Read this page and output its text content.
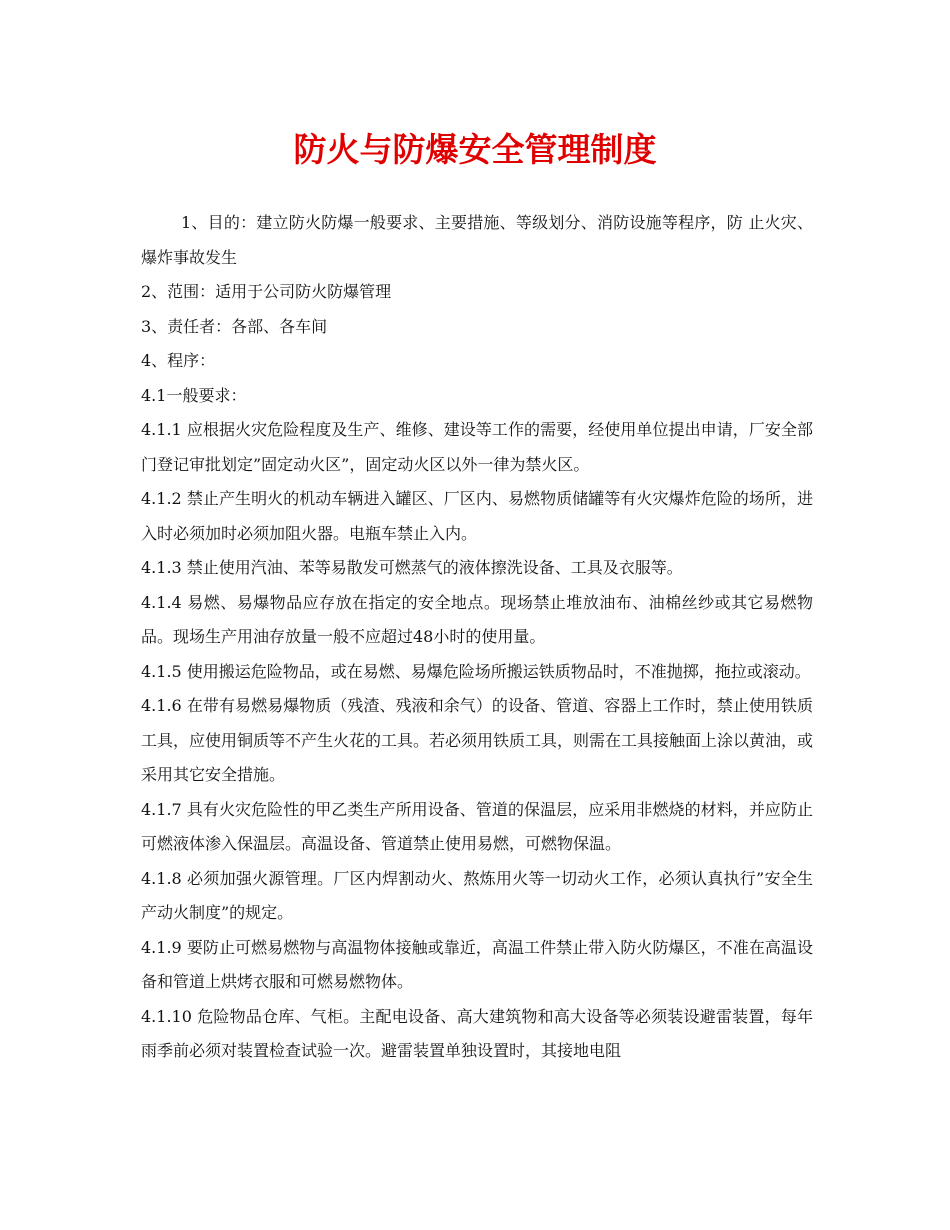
防火与防爆安全管理制度

1、目的：建立防火防爆一般要求、主要措施、等级划分、消防设施等程序，防 止火灾、爆炸事故发生

2、范围：适用于公司防火防爆管理

3、责任者：各部、各车间

4、程序：

4.1一般要求：

4.1.1 应根据火灾危险程度及生产、维修、建设等工作的需要，经使用单位提出申请，厂安全部门登记审批划定”固定动火区”，固定动火区以外一律为禁火区。

4.1.2 禁止产生明火的机动车辆进入罐区、厂区内、易燃物质储罐等有火灾爆炸危险的场所，进入时必须加时必须加阻火器。电瓶车禁止入内。

4.1.3 禁止使用汽油、苯等易散发可燃蒸气的液体擦洗设备、工具及衣服等。

4.1.4 易燃、易爆物品应存放在指定的安全地点。现场禁止堆放油布、油棉丝纱或其它易燃物品。现场生产用油存放量一般不应超过48小时的使用量。

4.1.5 使用搬运危险物品，或在易燃、易爆危险场所搬运铁质物品时，不准抛掷，拖拉或滚动。

4.1.6 在带有易燃易爆物质（残渣、残液和余气）的设备、管道、容器上工作时，禁止使用铁质工具，应使用铜质等不产生火花的工具。若必须用铁质工具，则需在工具接触面上涂以黄油，或采用其它安全措施。

4.1.7 具有火灾危险性的甲乙类生产所用设备、管道的保温层，应采用非燃烧的材料，并应防止可燃液体渗入保温层。高温设备、管道禁止使用易燃，可燃物保温。

4.1.8 必须加强火源管理。厂区内焊割动火、熬炼用火等一切动火工作，必须认真执行”安全生产动火制度”的规定。

4.1.9 要防止可燃易燃物与高温物体接触或靠近，高温工件禁止带入防火防爆区，不准在高温设备和管道上烘烤衣服和可燃易燃物体。

4.1.10 危险物品仓库、气柜。主配电设备、高大建筑物和高大设备等必须装设避雷装置，每年雨季前必须对装置检查试验一次。避雷装置单独设置时，其接地电阻
